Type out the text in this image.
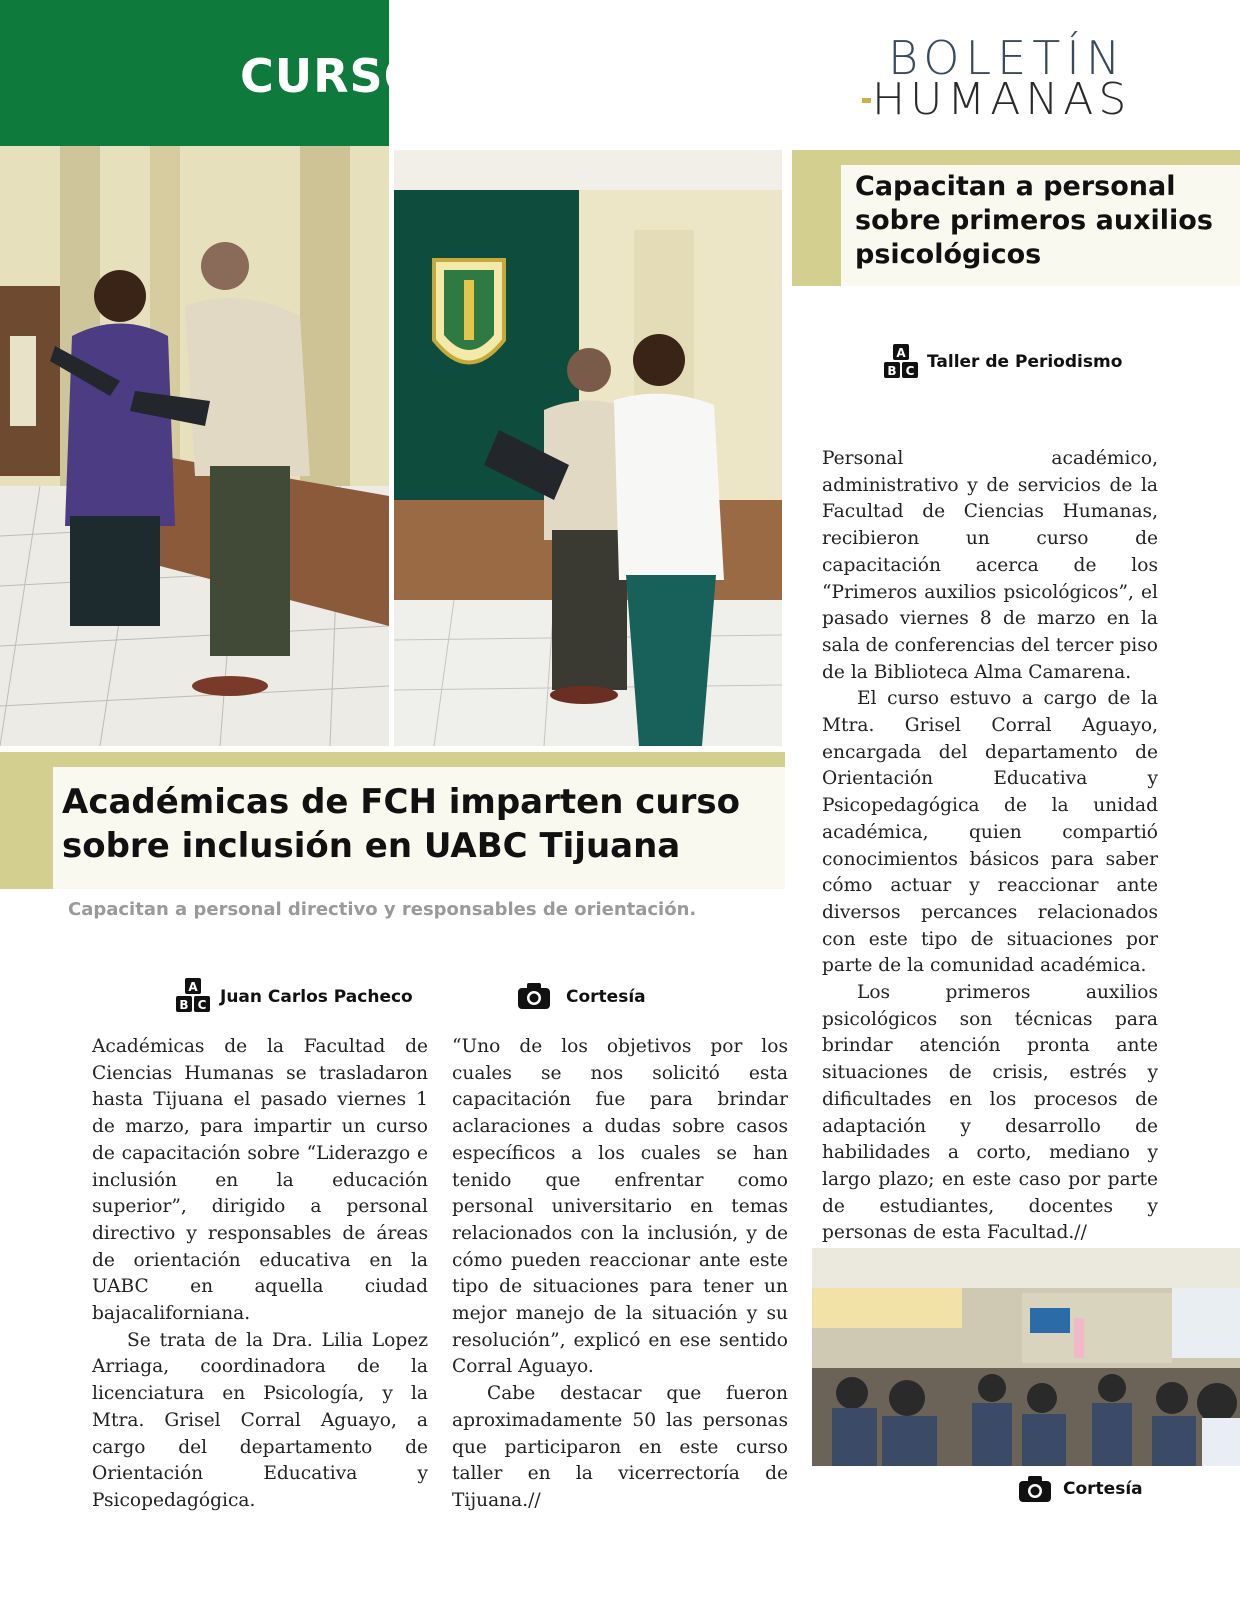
CURSOS	BOLETÍN
HUMANAS
Capacitan a personal sobre primeros auxilios psicológicos
A
B C Taller de Periodismo

Personal académico, administrativo y de servicios de la Facultad de Ciencias Humanas, recibieron un curso de capacitación acerca de los “Primeros auxilios psicológicos”, el pasado viernes 8 de marzo en la sala de conferencias del tercer piso de la Biblioteca Alma Camarena.

El curso estuvo a cargo de la Mtra. Grisel Corral Aguayo, encargada del departamento de Orientación Educativa y Psicopedagógica de la unidad académica, quien compartió conocimientos básicos para saber cómo actuar y reaccionar ante diversos percances relacionados con este tipo de situaciones por parte de la comunidad académica.

Los primeros auxilios psicológicos son técnicas para brindar atención pronta ante situaciones de crisis, estrés y dificultades en los procesos de adaptación y desarrollo de habilidades a corto, mediano y largo plazo; en este caso por parte de estudiantes, docentes y personas de esta Facultad.//

Cortesía
Académicas de FCH imparten curso sobre inclusión en UABC Tijuana
Capacitan a personal directivo y responsables de orientación.
A
B C Juan Carlos Pacheco	Cortesía

Académicas de la Facultad de Ciencias Humanas se trasladaron hasta Tijuana el pasado viernes 1 de marzo, para impartir un curso de capacitación sobre “Liderazgo e inclusión en la educación superior”, dirigido a personal directivo y responsables de áreas de orientación educativa en la UABC en aquella ciudad bajacaliforniana.

Se trata de la Dra. Lilia Lopez Arriaga, coordinadora de la licenciatura en Psicología, y la Mtra. Grisel Corral Aguayo, a cargo del departamento de Orientación Educativa y Psicopedagógica.

“Uno de los objetivos por los cuales se nos solicitó esta capacitación fue para brindar aclaraciones a dudas sobre casos específicos a los cuales se han tenido que enfrentar como personal universitario en temas relacionados con la inclusión, y de cómo pueden reaccionar ante este tipo de situaciones para tener un mejor manejo de la situación y su resolución”, explicó en ese sentido Corral Aguayo.

Cabe destacar que fueron aproximadamente 50 las personas que participaron en este curso taller en la vicerrectoría de Tijuana.//
